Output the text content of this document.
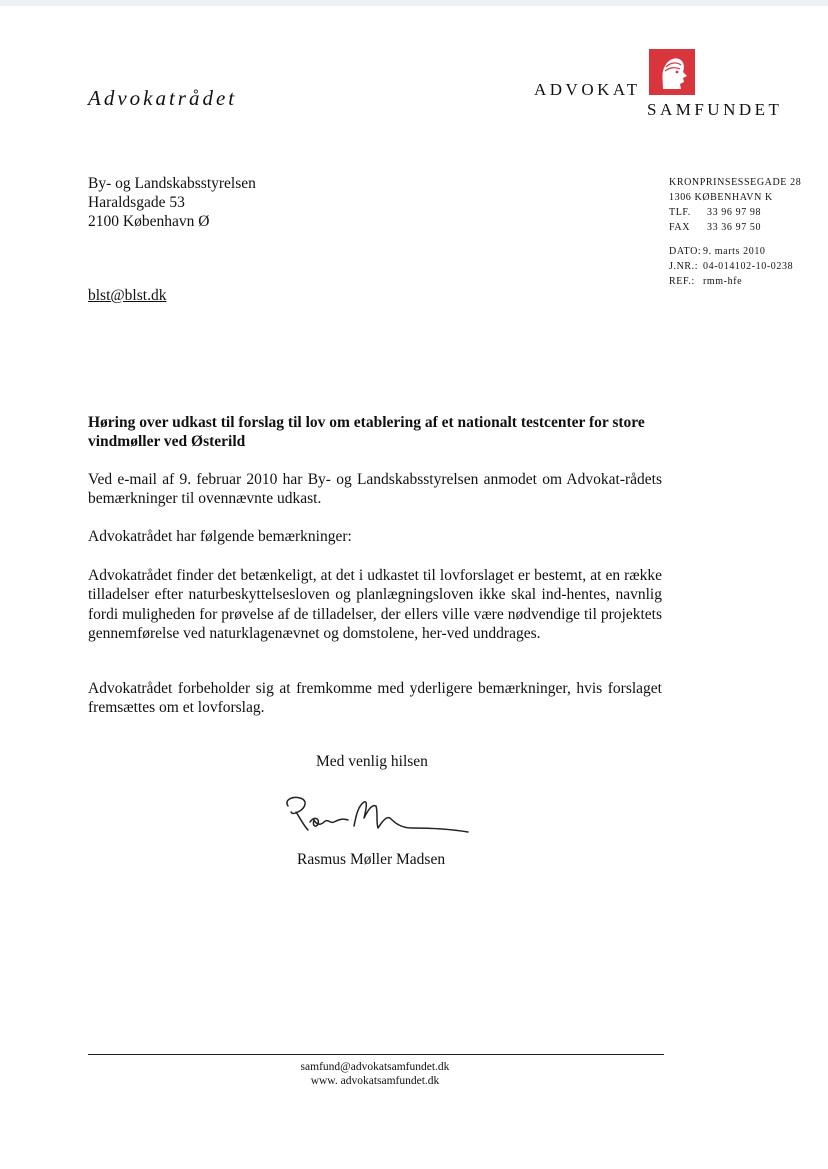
Advokatrådet	ADVOKAT
SAMFUNDET
By- og Landskabsstyrelsen
Haraldsgade 53
2100 København Ø
KRONPRINSESSEGADE 28
1306 KØBENHAVN K
TLF. 33 96 97 98
FAX 33 36 97 50
DATO: 9. marts 2010
J.NR.: 04-014102-10-0238
REF.: rmm-hfe
blst@blst.dk
Høring over udkast til forslag til lov om etablering af et nationalt testcenter for store vindmøller ved Østerild
Ved e-mail af 9. februar 2010 har By- og Landskabsstyrelsen anmodet om Advokat-rådets bemærkninger til ovennævnte udkast.
Advokatrådet har følgende bemærkninger:
Advokatrådet finder det betænkeligt, at det i udkastet til lovforslaget er bestemt, at en række tilladelser efter naturbeskyttelsesloven og planlægningsloven ikke skal ind-hentes, navnlig fordi muligheden for prøvelse af de tilladelser, der ellers ville være nødvendige til projektets gennemførelse ved naturklagenævnet og domstolene, her-ved unddrages.
Advokatrådet forbeholder sig at fremkomme med yderligere bemærkninger, hvis forslaget fremsættes om et lovforslag.
Med venlig hilsen
Rasmus Møller Madsen
samfund@advokatsamfundet.dk
www. advokatsamfundet.dk
